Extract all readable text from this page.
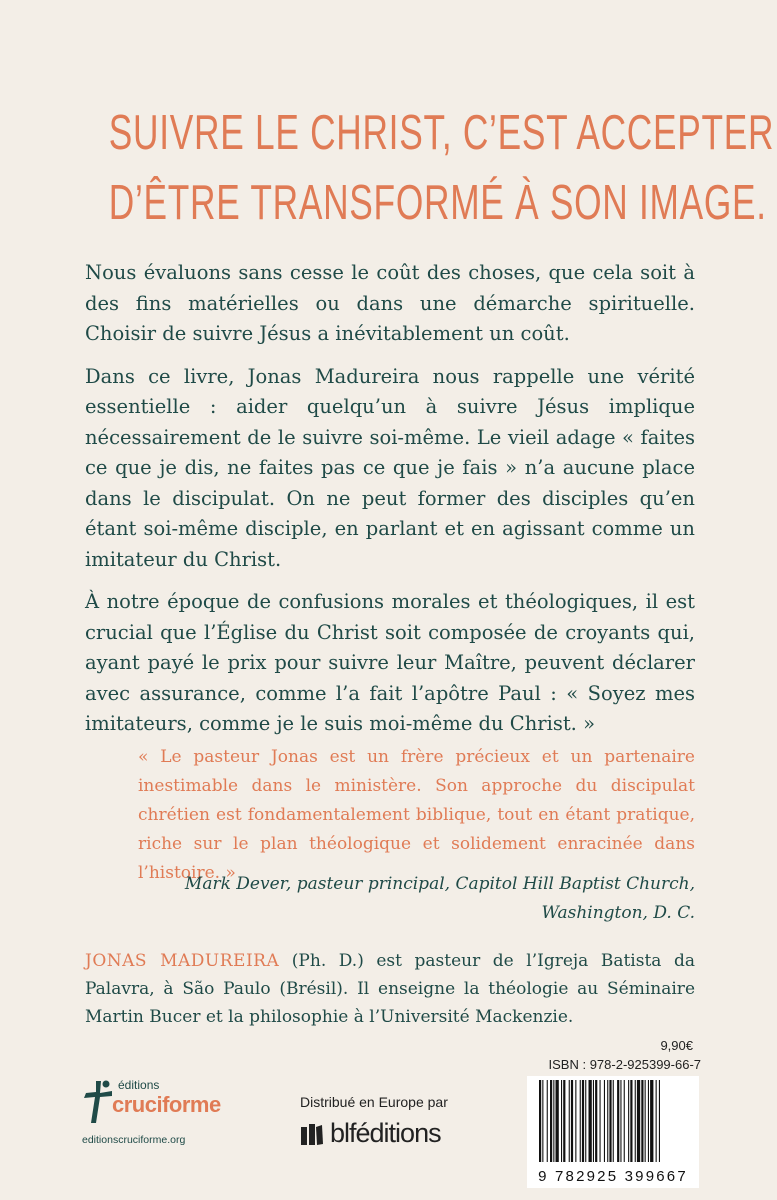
SUIVRE LE CHRIST, C’EST ACCEPTER
D’ÊTRE TRANSFORMÉ À SON IMAGE.

Nous évaluons sans cesse le coût des choses, que cela soit à des fins matérielles ou dans une démarche spirituelle. Choisir de suivre Jésus a inévitablement un coût.

Dans ce livre, Jonas Madureira nous rappelle une vérité essentielle : aider quelqu’un à suivre Jésus implique nécessairement de le suivre soi-même. Le vieil adage « faites ce que je dis, ne faites pas ce que je fais » n’a aucune place dans le discipulat. On ne peut former des disciples qu’en étant soi-même disciple, en parlant et en agissant comme un imitateur du Christ.

À notre époque de confusions morales et théologiques, il est crucial que l’Église du Christ soit composée de croyants qui, ayant payé le prix pour suivre leur Maître, peuvent déclarer avec assurance, comme l’a fait l’apôtre Paul : « Soyez mes imitateurs, comme je le suis moi-même du Christ. »

« Le pasteur Jonas est un frère précieux et un partenaire inestimable dans le ministère. Son approche du discipulat chrétien est fondamentalement biblique, tout en étant pratique, riche sur le plan théologique et solidement enracinée dans l’histoire. »
Mark Dever, pasteur principal, Capitol Hill Baptist Church,
Washington, D. C.
JONAS MADUREIRA (Ph. D.) est pasteur de l’Igreja Batista da Palavra, à São Paulo (Brésil). Il enseigne la théologie au Séminaire Martin Bucer et la philosophie à l’Université Mackenzie.
éditions
cruciforme
editionscruciforme.org
Distribué en Europe par
blféditions
9,90€
ISBN : 978-2-925399-66-7
9 782925 399667
